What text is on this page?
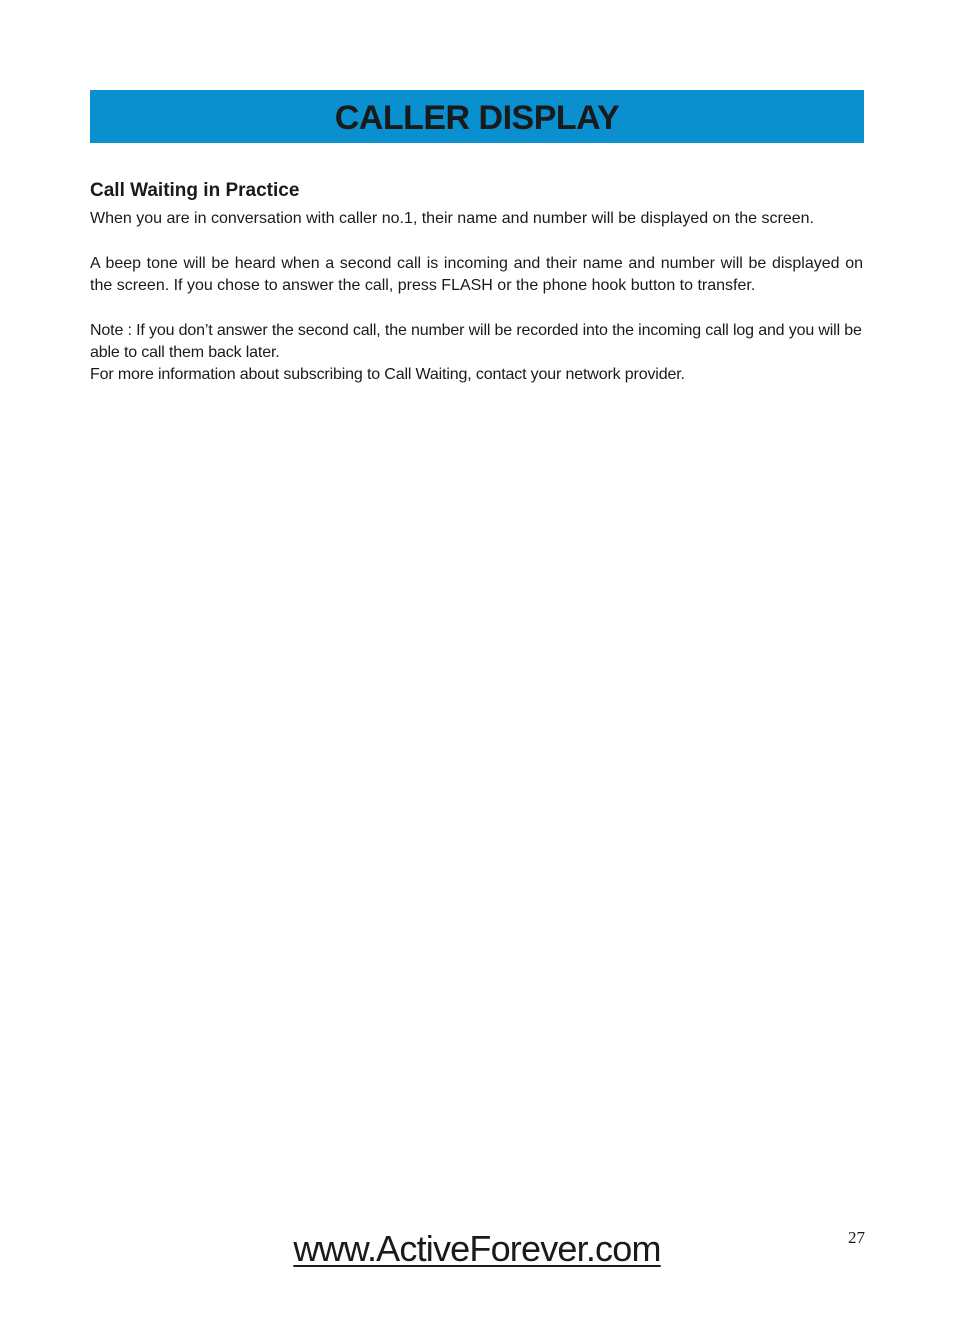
CALLER DISPLAY
Call Waiting in Practice

When you are in conversation with caller no.1, their name and number will be displayed on the screen.

A beep tone will be heard when a second call is incoming and their name and number will be displayed on the screen. If you chose to answer the call, press FLASH or the phone hook button to transfer.

Note : If you don’t answer the second call, the number will be recorded into the incoming call log and you will be able to call them back later.

For more information about subscribing to Call Waiting, contact your network provider.

27
www.ActiveForever.com
